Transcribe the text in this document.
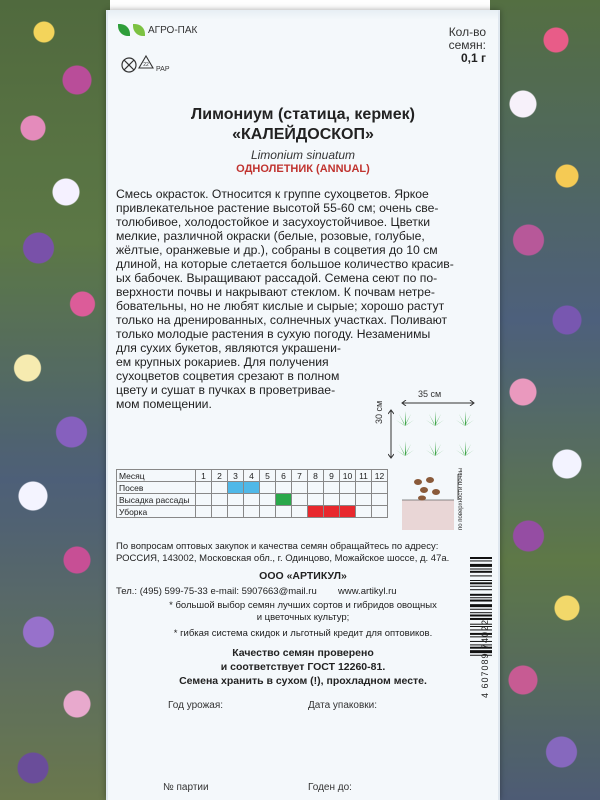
АГРО-ПАК
22
PAP
Кол-во
семян:
0,1 г
Лимониум (статица, кермек)
«КАЛЕЙДОСКОП»
Limonium sinuatum
ОДНОЛЕТНИК (ANNUAL)
Смесь окрасток. Относится к группе сухоцветов. Яркое
привлекательное растение высотой 55-60 см; очень све-
толюбивое, холодостойкое и засухоустойчивое. Цветки
мелкие, различной окраски (белые, розовые, голубые,
жёлтые, оранжевые и др.), собраны в соцветия до 10 см
длиной, на которые слетается большое количество красив-
ых бабочек. Выращивают рассадой. Семена сеют по по-
верхности почвы и накрывают стеклом. К почвам нетре-
бовательны, но не любят кислые и сырые; хорошо растут
только на дренированных, солнечных участках. Поливают
только молодые растения в сухую погоду. Незаменимы
для сухих букетов, являются украшени-
ем крупных рокариев. Для получения
сухоцветов соцветия срезают в полном
цвету и сушат в пучках в проветривае-
мом помещении.
35 см
30 см
по поверхности почвы
Месяц	1	2	3	4	5	6	7	8	9	10	11	12
Посев												
Высадка рассады												
Уборка												
По вопросам оптовых закупок и качества семян обращайтесь по адресу:
РОССИЯ, 143002, Московская обл., г. Одинцово, Можайское шоссе, д. 47а.
ООО «АРТИКУЛ»
Тел.: (495) 599-75-33 e-mail: 5907663@mail.ru	www.artikyl.ru
* большой выбор семян лучших сортов и гибридов овощных
и цветочных культур;
* гибкая система скидок и льготный кредит для оптовиков.
Качество семян проверено
и соответствует ГОСТ 12260-81.
Семена хранить в сухом (!), прохладном месте.
Год урожая:	Дата упаковки:
№ партии	Годен до:
4 607089 74022
